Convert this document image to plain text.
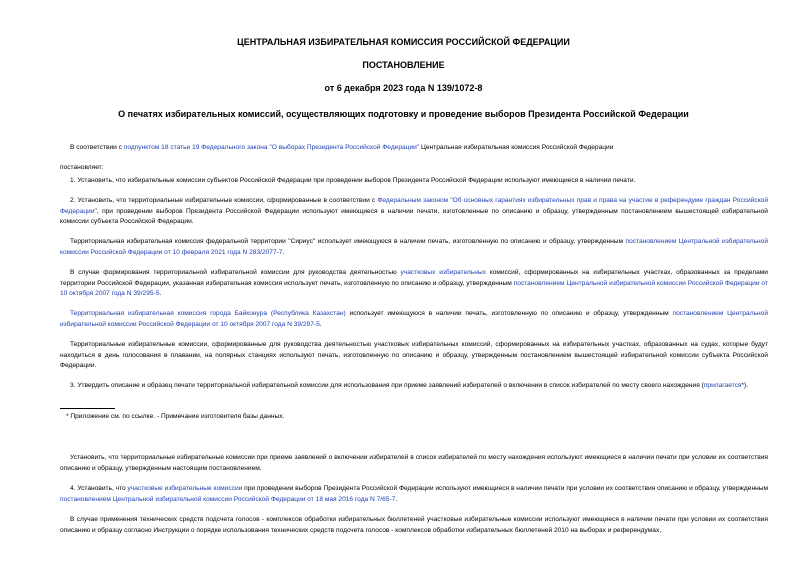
ЦЕНТРАЛЬНАЯ ИЗБИРАТЕЛЬНАЯ КОМИССИЯ РОССИЙСКОЙ ФЕДЕРАЦИИ
ПОСТАНОВЛЕНИЕ
от 6 декабря 2023 года N 139/1072-8
О печатях избирательных комиссий, осуществляющих подготовку и проведение выборов Президента Российской Федерации

В соответствии с подпунктом 18 статьи 19 Федерального закона "О выборах Президента Российской Федерации" Центральная избирательная комиссия Российской Федерации

постановляет:

1. Установить, что избирательные комиссии субъектов Российской Федерации при проведении выборов Президента Российской Федерации используют имеющиеся в наличии печати.

2. Установить, что территориальные избирательные комиссии, сформированные в соответствии с Федеральным законом "Об основных гарантиях избирательных прав и права на участие в референдуме граждан Российской Федерации", при проведении выборов Президента Российской Федерации используют имеющиеся в наличии печати, изготовленные по описанию и образцу, утвержденным постановлением вышестоящей избирательной комиссии субъекта Российской Федерации.

Территориальная избирательная комиссия федеральной территории "Сириус" использует имеющуюся в наличии печать, изготовленную по описанию и образцу, утвержденным постановлением Центральной избирательной комиссии Российской Федерации от 10 февраля 2021 года N 283/2077-7.

В случае формирования территориальной избирательной комиссии для руководства деятельностью участковых избирательных комиссий, сформированных на избирательных участках, образованных за пределами территории Российской Федерации, указанная избирательная комиссия использует печать, изготовленную по описанию и образцу, утвержденным постановлением Центральной избирательной комиссии Российской Федерации от 10 октября 2007 года N 39/295-5.

Территориальная избирательная комиссия города Байконура (Республика Казахстан) использует имеющуюся в наличии печать, изготовленную по описанию и образцу, утвержденным постановлением Центральной избирательной комиссии Российской Федерации от 10 октября 2007 года N 39/297-5.

Территориальные избирательные комиссии, сформированные для руководства деятельностью участковых избирательных комиссий, сформированных на избирательных участках, образованных на судах, которые будут находиться в день голосования в плавании, на полярных станциях используют печать, изготовленную по описанию и образцу, утвержденным постановлением вышестоящей избирательной комиссии субъекта Российской Федерации.

3. Утвердить описание и образец печати территориальной избирательной комиссии для использования при приеме заявлений избирателей о включении в список избирателей по месту своего нахождения (прилагается*).

* Приложение см. по ссылке. - Примечание изготовителя базы данных.

Установить, что территориальные избирательные комиссии при приеме заявлений о включении избирателей в список избирателей по месту нахождения используют имеющиеся в наличии печати при условии их соответствия описанию и образцу, утвержденным настоящим постановлением.

4. Установить, что участковые избирательные комиссии при проведении выборов Президента Российской Федерации используют имеющиеся в наличии печати при условии их соответствия описанию и образцу, утвержденным постановлением Центральной избирательной комиссии Российской Федерации от 18 мая 2016 года N 7/65-7.

В случае применения технических средств подсчета голосов - комплексов обработки избирательных бюллетеней участковые избирательные комиссии используют имеющиеся в наличии печати при условии их соответствия описанию и образцу согласно Инструкции о порядке использования технических средств подсчета голосов - комплексов обработки избирательных бюллетеней 2010 на выборах и референдумах,
